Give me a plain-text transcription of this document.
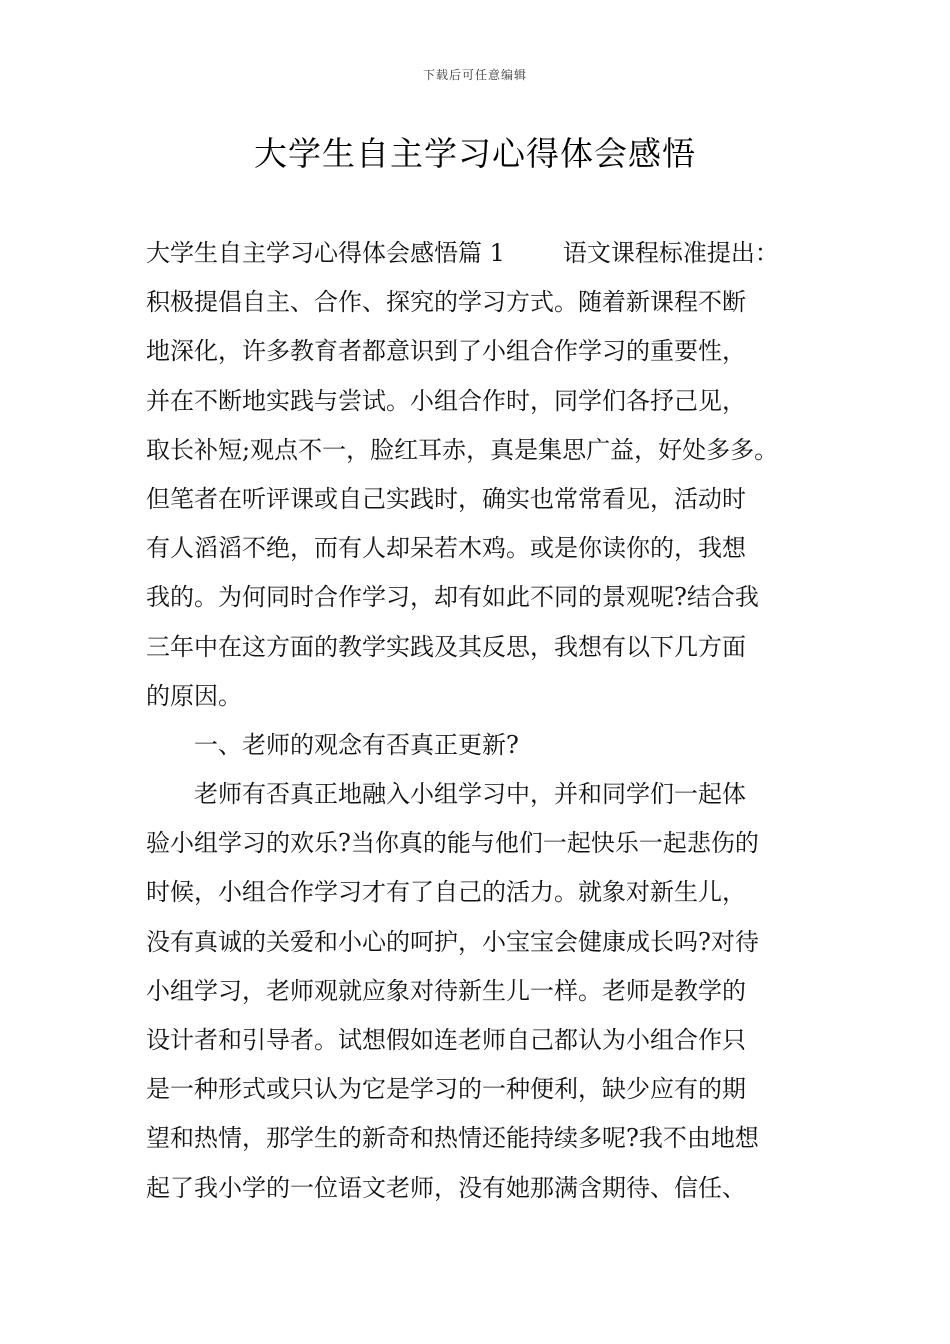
下载后可任意编辑
大学生自主学习心得体会感悟
大学生自主学习心得体会感悟篇 1 语文课程标准提出：
积极提倡自主、合作、探究的学习方式。随着新课程不断
地深化，许多教育者都意识到了小组合作学习的重要性，
并在不断地实践与尝试。小组合作时，同学们各抒己见，
取长补短;观点不一，脸红耳赤，真是集思广益，好处多多。
但笔者在听评课或自己实践时，确实也常常看见，活动时
有人滔滔不绝，而有人却呆若木鸡。或是你读你的，我想
我的。为何同时合作学习，却有如此不同的景观呢?结合我
三年中在这方面的教学实践及其反思，我想有以下几方面
的原因。
一、老师的观念有否真正更新?
老师有否真正地融入小组学习中，并和同学们一起体
验小组学习的欢乐?当你真的能与他们一起快乐一起悲伤的
时候，小组合作学习才有了自己的活力。就象对新生儿，
没有真诚的关爱和小心的呵护，小宝宝会健康成长吗?对待
小组学习，老师观就应象对待新生儿一样。老师是教学的
设计者和引导者。试想假如连老师自己都认为小组合作只
是一种形式或只认为它是学习的一种便利，缺少应有的期
望和热情，那学生的新奇和热情还能持续多呢?我不由地想
起了我小学的一位语文老师，没有她那满含期待、信任、
